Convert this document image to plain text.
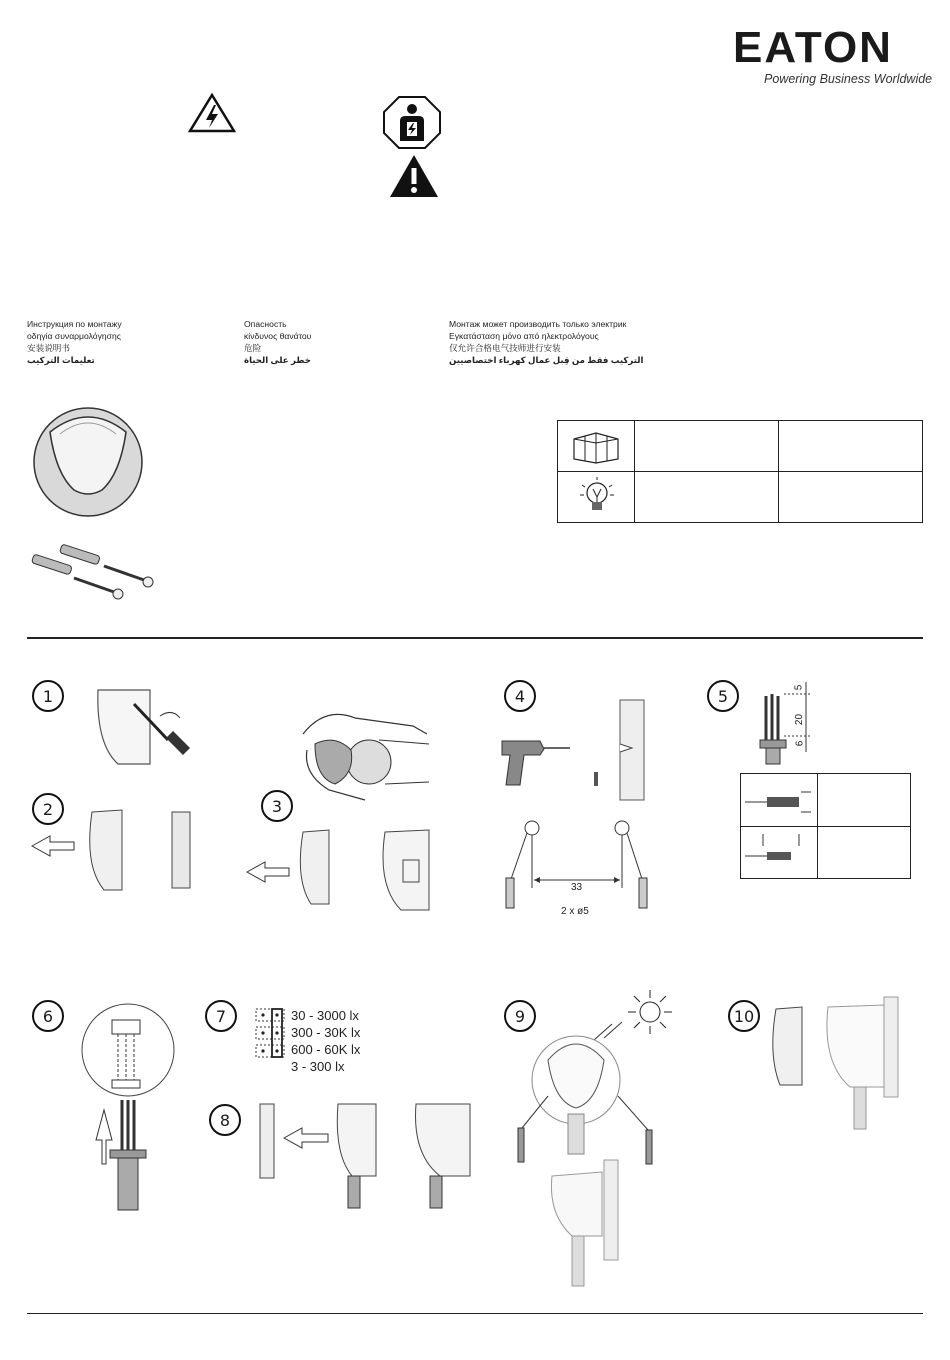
EATON
Powering Business Worldwide
Инструкция по монтажу
οδηγία συναρμολόγησης
安装说明书
تعليمات التركيب
Опасность
κίνδυνος θανάτου
危险
خطر على الحياة
Монтаж может производить только электрик
Εγκατάσταση μόνο από ηλεκτρολόγους
仅允许合格电气技师进行安装
التركيب فقط من قِبل عمال كهرباء اختصاصيين
1
2	3
4
33
2 x ø5
5	5
20
6
6	7	30 - 3000 lx
300 - 30K lx
600 - 60K lx
3 - 300 lx
8
9	10
